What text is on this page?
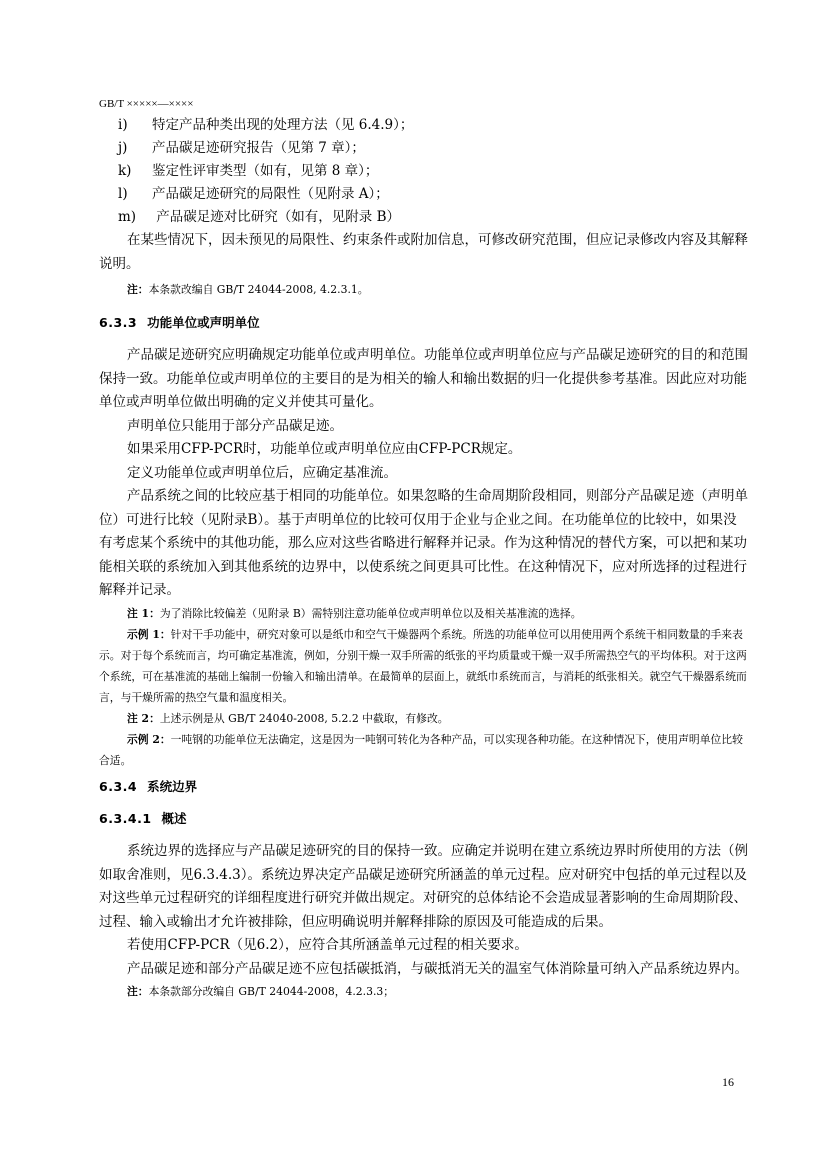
GB/T ×××××—××××
i) 特定产品种类出现的处理方法（见 6.4.9）；
j) 产品碳足迹研究报告（见第 7 章）；
k) 鉴定性评审类型（如有，见第 8 章）；
l) 产品碳足迹研究的局限性（见附录 A）；
m) 产品碳足迹对比研究（如有，见附录 B）

在某些情况下，因未预见的局限性、约束条件或附加信息，可修改研究范围，但应记录修改内容及其解释说明。

注：本条款改编自 GB/T 24044-2008, 4.2.3.1。

6.3.3 功能单位或声明单位

产品碳足迹研究应明确规定功能单位或声明单位。功能单位或声明单位应与产品碳足迹研究的目的和范围保持一致。功能单位或声明单位的主要目的是为相关的输人和输出数据的归一化提供参考基准。因此应对功能单位或声明单位做出明确的定义并使其可量化。

声明单位只能用于部分产品碳足迹。

如果采用CFP-PCR时，功能单位或声明单位应由CFP-PCR规定。

定义功能单位或声明单位后，应确定基准流。

产品系统之间的比较应基于相同的功能单位。如果忽略的生命周期阶段相同，则部分产品碳足迹（声明单位）可进行比较（见附录B）。基于声明单位的比较可仅用于企业与企业之间。在功能单位的比较中，如果没有考虑某个系统中的其他功能，那么应对这些省略进行解释并记录。作为这种情况的替代方案，可以把和某功能相关联的系统加入到其他系统的边界中，以使系统之间更具可比性。在这种情况下，应对所选择的过程进行解释并记录。

注 1：为了消除比较偏差（见附录 B）需特别注意功能单位或声明单位以及相关基准流的选择。

示例 1：针对干手功能中，研究对象可以是纸巾和空气干燥器两个系统。所选的功能单位可以用使用两个系统干相同数量的手来表示。对于每个系统而言，均可确定基准流，例如，分别干燥一双手所需的纸张的平均质量或干燥一双手所需热空气的平均体积。对于这两个系统，可在基准流的基础上编制一份输入和输出清单。在最简单的层面上，就纸巾系统而言，与消耗的纸张相关。就空气干燥器系统而言，与干燥所需的热空气量和温度相关。

注 2：上述示例是从 GB/T 24040-2008, 5.2.2 中截取，有修改。

示例 2：一吨钢的功能单位无法确定，这是因为一吨钢可转化为各种产品，可以实现各种功能。在这种情况下，使用声明单位比较合适。

6.3.4 系统边界
6.3.4.1 概述

系统边界的选择应与产品碳足迹研究的目的保持一致。应确定并说明在建立系统边界时所使用的方法（例如取舍准则，见6.3.4.3）。系统边界决定产品碳足迹研究所涵盖的单元过程。应对研究中包括的单元过程以及对这些单元过程研究的详细程度进行研究并做出规定。对研究的总体结论不会造成显著影响的生命周期阶段、过程、输入或输出才允许被排除，但应明确说明并解释排除的原因及可能造成的后果。

若使用CFP-PCR（见6.2），应符合其所涵盖单元过程的相关要求。

产品碳足迹和部分产品碳足迹不应包括碳抵消，与碳抵消无关的温室气体消除量可纳入产品系统边界内。

注：本条款部分改编自 GB/T 24044-2008，4.2.3.3；

16
